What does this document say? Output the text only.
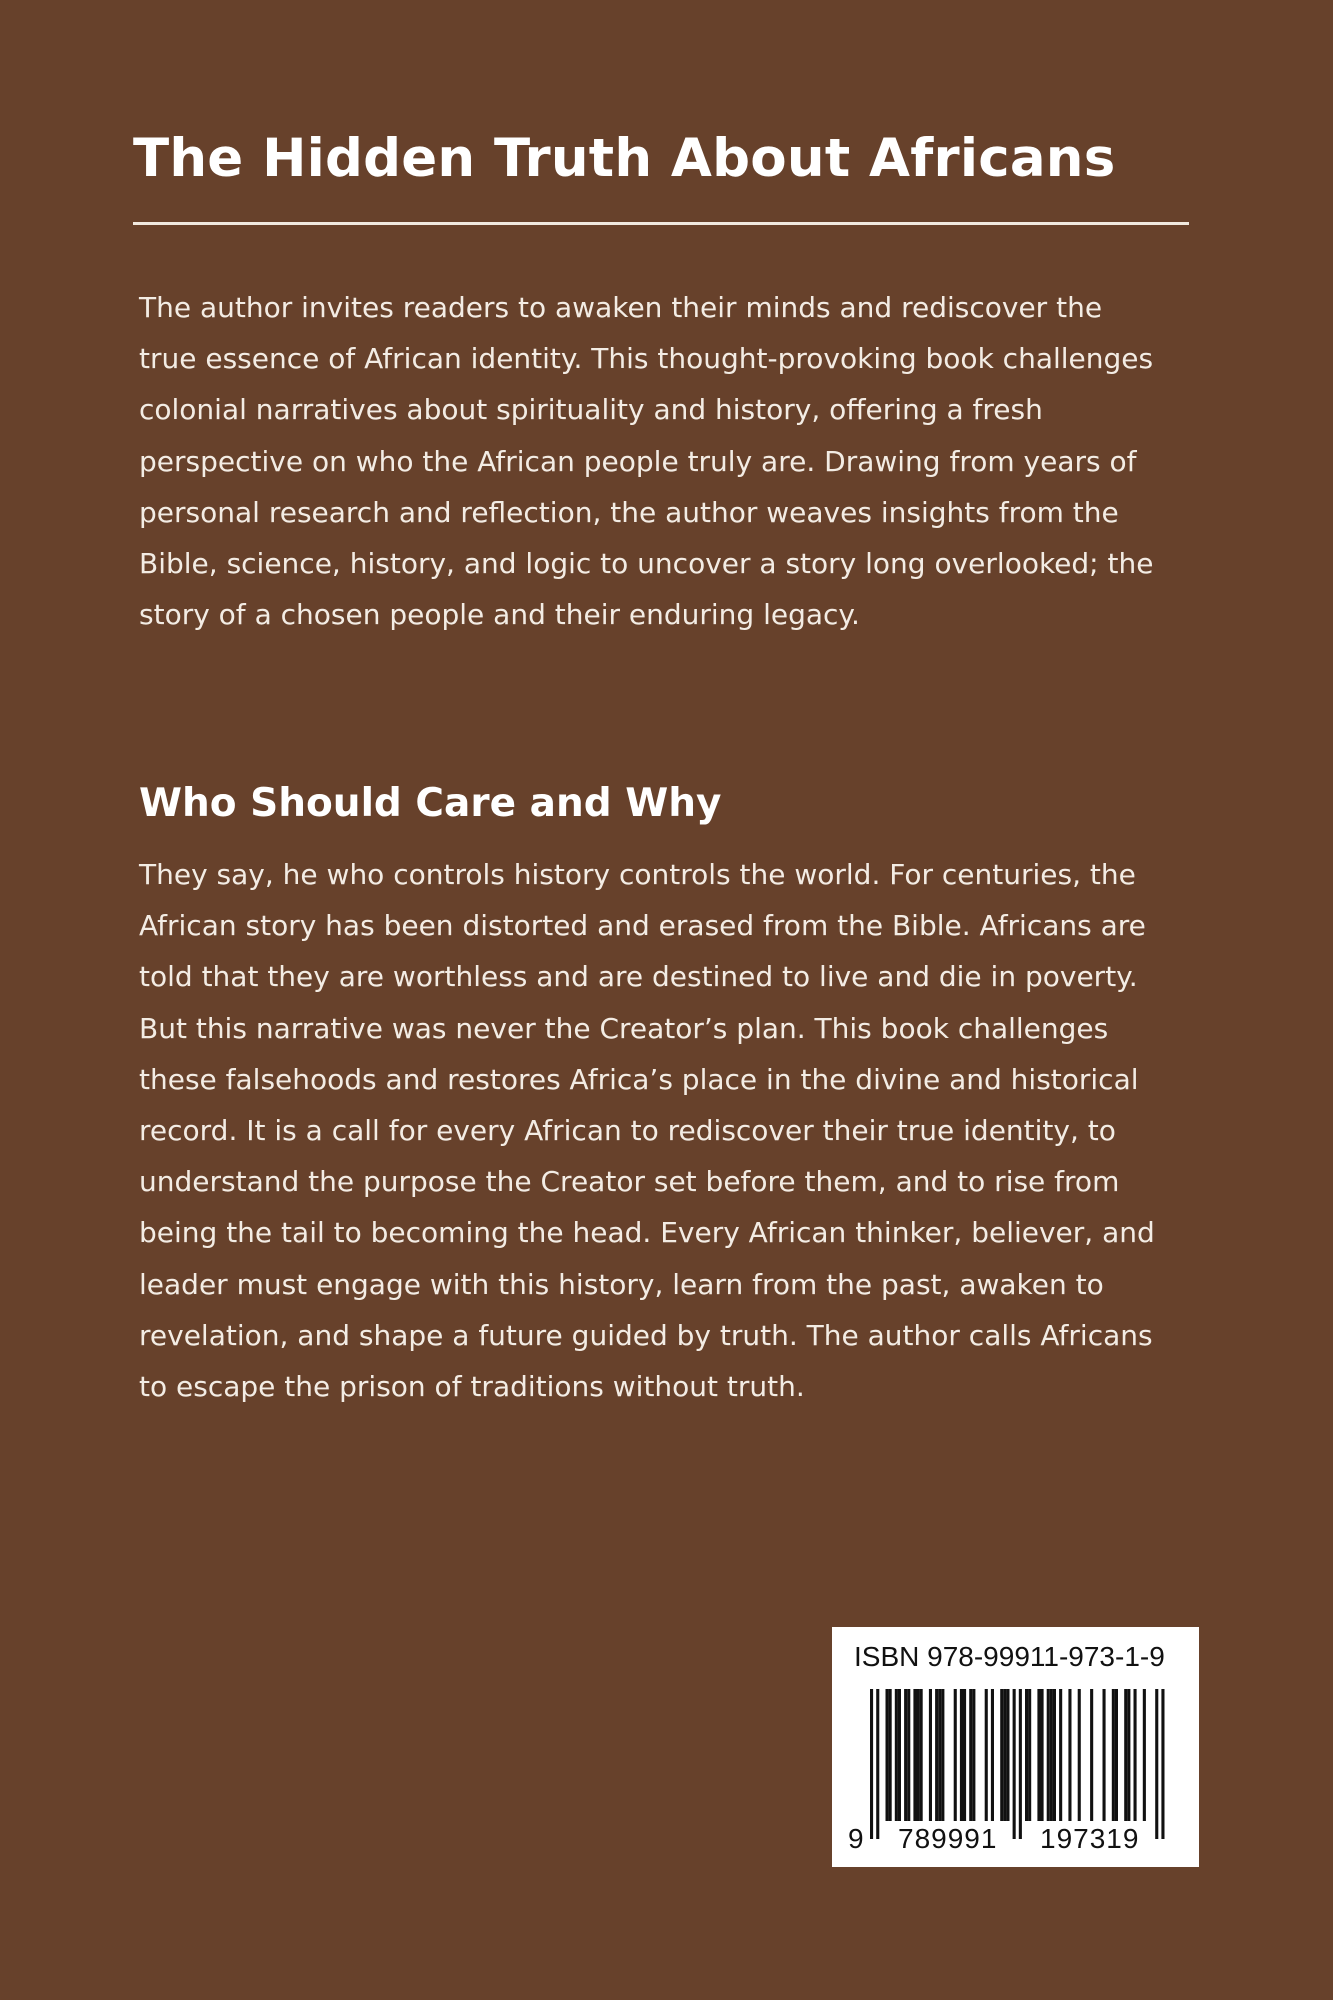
The Hidden Truth About Africans

The author invites readers to awaken their minds and rediscover the true essence of African identity. This thought-provoking book challenges colonial narratives about spirituality and history, offering a fresh perspective on who the African people truly are. Drawing from years of personal research and reflection, the author weaves insights from the Bible, science, history, and logic to uncover a story long overlooked; the story of a chosen people and their enduring legacy.

Who Should Care and Why

They say, he who controls history controls the world. For centuries, the African story has been distorted and erased from the Bible. Africans are told that they are worthless and are destined to live and die in poverty. But this narrative was never the Creator’s plan. This book challenges these falsehoods and restores Africa’s place in the divine and historical record. It is a call for every African to rediscover their true identity, to understand the purpose the Creator set before them, and to rise from being the tail to becoming the head. Every African thinker, believer, and leader must engage with this history, learn from the past, awaken to revelation, and shape a future guided by truth. The author calls Africans to escape the prison of traditions without truth.

ISBN 978-99911-973-1-9
9 789991 197319
